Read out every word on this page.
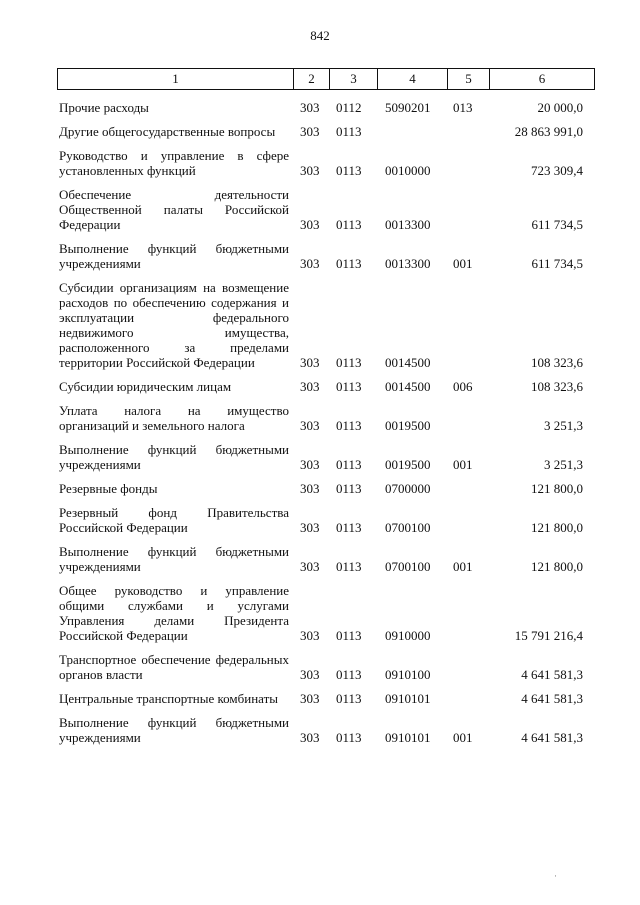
842
1	2	3	4	5	6
Прочие расходы	303 0112 5090201 013	20 000,0
Другие общегосударственные вопросы	303 0113	28 863 991,0
Руководство и управление в сфере установленных функций	303 0113 0010000	723 309,4
Обеспечение деятельности Общественной палаты Российской Федерации	303 0113 0013300	611 734,5
Выполнение функций бюджетными учреждениями	303 0113 0013300 001	611 734,5
Субсидии организациям на возмещение расходов по обеспечению содержания и эксплуатации федерального недвижимого имущества, расположенного за пределами территории Российской Федерации	303 0113 0014500	108 323,6
Субсидии юридическим лицам	303 0113 0014500 006	108 323,6
Уплата налога на имущество организаций и земельного налога	303 0113 0019500	3 251,3
Выполнение функций бюджетными учреждениями	303 0113 0019500 001	3 251,3
Резервные фонды	303 0113 0700000	121 800,0
Резервный фонд Правительства Российской Федерации	303 0113 0700100	121 800,0
Выполнение функций бюджетными учреждениями	303 0113 0700100 001	121 800,0
Общее руководство и управление общими службами и услугами Управления делами Президента Российской Федерации	303 0113 0910000	15 791 216,4
Транспортное обеспечение федеральных органов власти	303 0113 0910100	4 641 581,3
Центральные транспортные комбинаты	303 0113 0910101	4 641 581,3
Выполнение функций бюджетными учреждениями	303 0113 0910101 001	4 641 581,3
·
